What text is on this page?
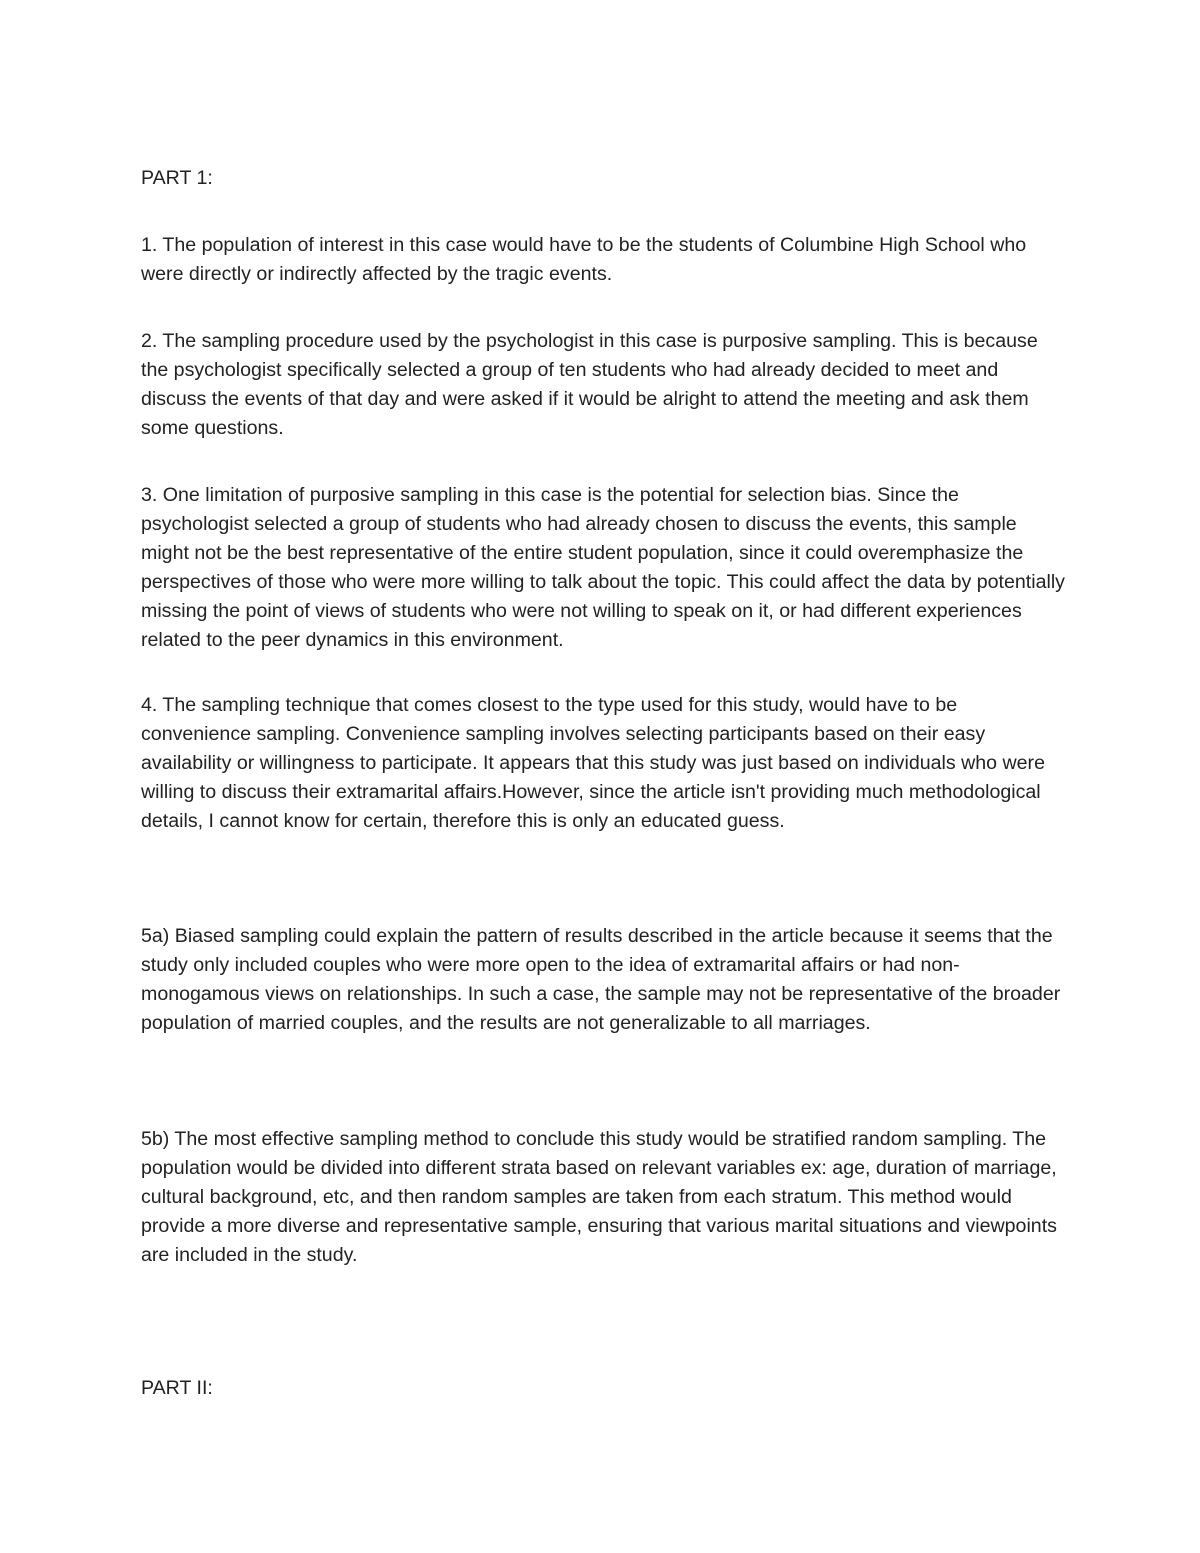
PART 1:

1. The population of interest in this case would have to be the students of Columbine High School who were directly or indirectly affected by the tragic events.

2. The sampling procedure used by the psychologist in this case is purposive sampling. This is because the psychologist specifically selected a group of ten students who had already decided to meet and discuss the events of that day and were asked if it would be alright to attend the meeting and ask them some questions.

3. One limitation of purposive sampling in this case is the potential for selection bias. Since the psychologist selected a group of students who had already chosen to discuss the events, this sample might not be the best representative of the entire student population, since it could overemphasize the perspectives of those who were more willing to talk about the topic. This could affect the data by potentially missing the point of views of students who were not willing to speak on it, or had different experiences related to the peer dynamics in this environment.

4. The sampling technique that comes closest to the type used for this study, would have to be convenience sampling. Convenience sampling involves selecting participants based on their easy availability or willingness to participate. It appears that this study was just based on individuals who were willing to discuss their extramarital affairs.However, since the article isn't providing much methodological details, I cannot know for certain, therefore this is only an educated guess.

5a) Biased sampling could explain the pattern of results described in the article because it seems that the study only included couples who were more open to the idea of extramarital affairs or had non-monogamous views on relationships. In such a case, the sample may not be representative of the broader population of married couples, and the results are not generalizable to all marriages.

5b) The most effective sampling method to conclude this study would be stratified random sampling. The population would be divided into different strata based on relevant variables ex: age, duration of marriage, cultural background, etc, and then random samples are taken from each stratum. This method would provide a more diverse and representative sample, ensuring that various marital situations and viewpoints are included in the study.

PART II:
